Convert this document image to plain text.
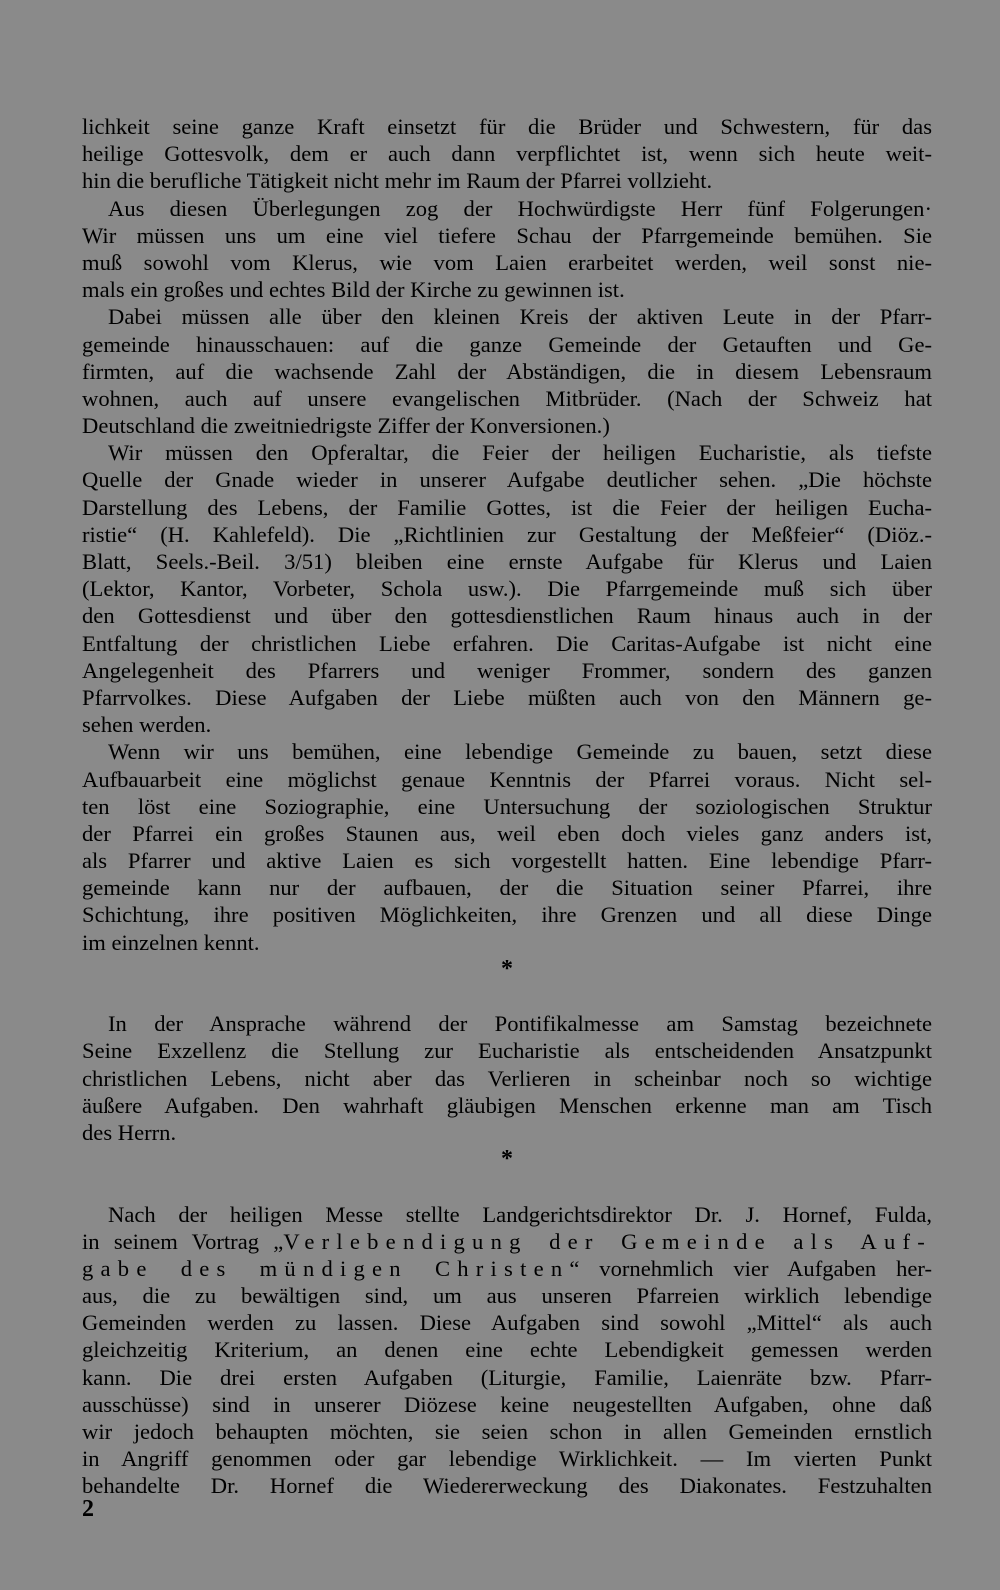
lichkeit seine ganze Kraft einsetzt für die Brüder und Schwestern, für das
heilige Gottesvolk, dem er auch dann verpflichtet ist, wenn sich heute weit-
hin die berufliche Tätigkeit nicht mehr im Raum der Pfarrei vollzieht.
Aus diesen Überlegungen zog der Hochwürdigste Herr fünf Folgerungen·
Wir müssen uns um eine viel tiefere Schau der Pfarrgemeinde bemühen. Sie
muß sowohl vom Klerus, wie vom Laien erarbeitet werden, weil sonst nie-
mals ein großes und echtes Bild der Kirche zu gewinnen ist.
Dabei müssen alle über den kleinen Kreis der aktiven Leute in der Pfarr-
gemeinde hinausschauen: auf die ganze Gemeinde der Getauften und Ge-
firmten, auf die wachsende Zahl der Abständigen, die in diesem Lebensraum
wohnen, auch auf unsere evangelischen Mitbrüder. (Nach der Schweiz hat
Deutschland die zweitniedrigste Ziffer der Konversionen.)
Wir müssen den Opferaltar, die Feier der heiligen Eucharistie, als tiefste
Quelle der Gnade wieder in unserer Aufgabe deutlicher sehen. „Die höchste
Darstellung des Lebens, der Familie Gottes, ist die Feier der heiligen Eucha-
ristie“ (H. Kahlefeld). Die „Richtlinien zur Gestaltung der Meßfeier“ (Diöz.-
Blatt, Seels.-Beil. 3/51) bleiben eine ernste Aufgabe für Klerus und Laien
(Lektor, Kantor, Vorbeter, Schola usw.). Die Pfarrgemeinde muß sich über
den Gottesdienst und über den gottesdienstlichen Raum hinaus auch in der
Entfaltung der christlichen Liebe erfahren. Die Caritas-Aufgabe ist nicht eine
Angelegenheit des Pfarrers und weniger Frommer, sondern des ganzen
Pfarrvolkes. Diese Aufgaben der Liebe müßten auch von den Männern ge-
sehen werden.
Wenn wir uns bemühen, eine lebendige Gemeinde zu bauen, setzt diese
Aufbauarbeit eine möglichst genaue Kenntnis der Pfarrei voraus. Nicht sel-
ten löst eine Soziographie, eine Untersuchung der soziologischen Struktur
der Pfarrei ein großes Staunen aus, weil eben doch vieles ganz anders ist,
als Pfarrer und aktive Laien es sich vorgestellt hatten. Eine lebendige Pfarr-
gemeinde kann nur der aufbauen, der die Situation seiner Pfarrei, ihre
Schichtung, ihre positiven Möglichkeiten, ihre Grenzen und all diese Dinge
im einzelnen kennt.
*
In der Ansprache während der Pontifikalmesse am Samstag bezeichnete
Seine Exzellenz die Stellung zur Eucharistie als entscheidenden Ansatzpunkt
christlichen Lebens, nicht aber das Verlieren in scheinbar noch so wichtige
äußere Aufgaben. Den wahrhaft gläubigen Menschen erkenne man am Tisch
des Herrn.
*
Nach der heiligen Messe stellte Landgerichtsdirektor Dr. J. Hornef, Fulda,
in seinem Vortrag „Verlebendigung der Gemeinde als Auf-
gabe des mündigen Christen“ vornehmlich vier Aufgaben her-
aus, die zu bewältigen sind, um aus unseren Pfarreien wirklich lebendige
Gemeinden werden zu lassen. Diese Aufgaben sind sowohl „Mittel“ als auch
gleichzeitig Kriterium, an denen eine echte Lebendigkeit gemessen werden
kann. Die drei ersten Aufgaben (Liturgie, Familie, Laienräte bzw. Pfarr-
ausschüsse) sind in unserer Diözese keine neugestellten Aufgaben, ohne daß
wir jedoch behaupten möchten, sie seien schon in allen Gemeinden ernstlich
in Angriff genommen oder gar lebendige Wirklichkeit. — Im vierten Punkt
behandelte Dr. Hornef die Wiedererweckung des Diakonates. Festzuhalten
2
